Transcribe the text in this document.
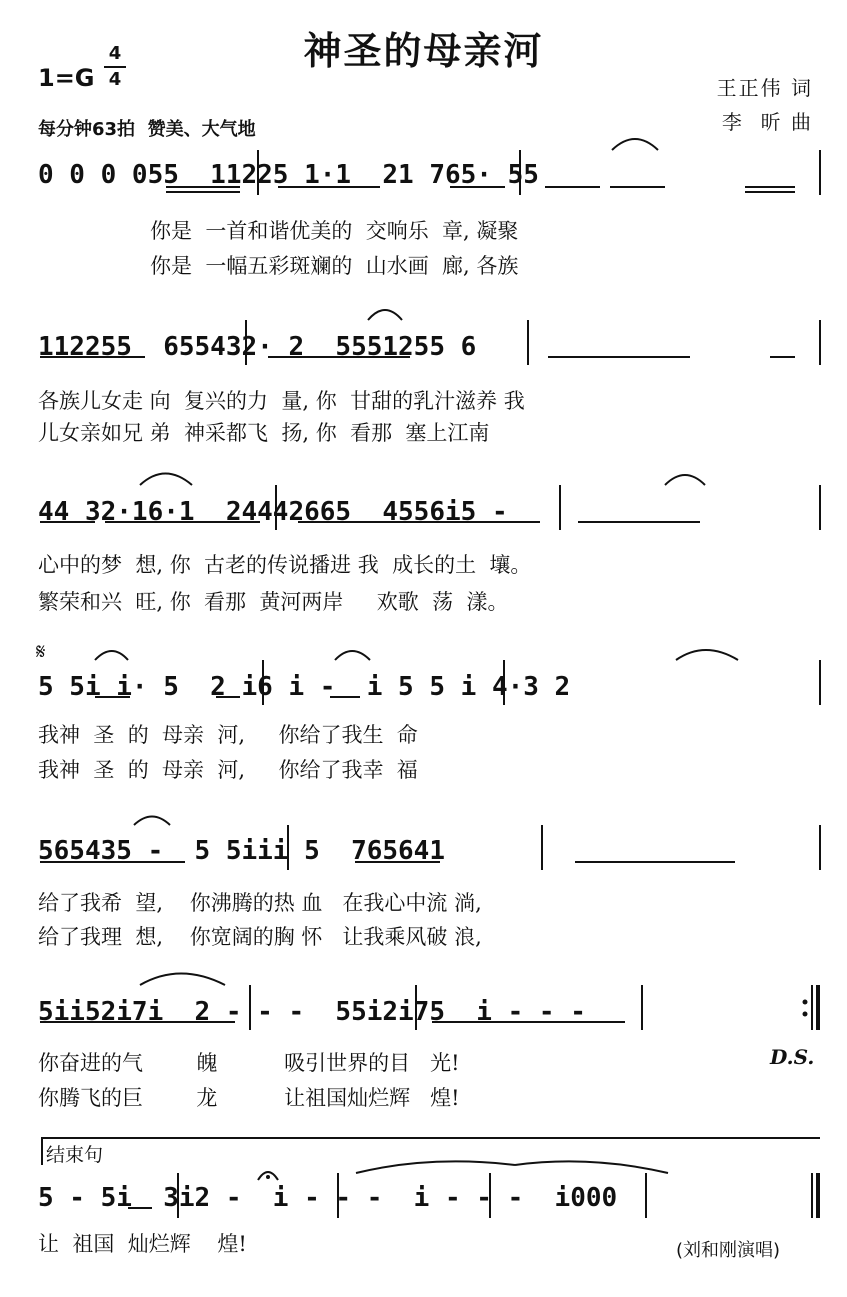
神圣的母亲河
1=G
4
4
每分钟63拍  赞美、大气地
王正伟 词
李  昕 曲
0 0 0 055  11225 1·1  21 765· 55
你是  一首和谐优美的  交响乐  章, 凝聚
你是  一幅五彩斑斓的  山水画  廊, 各族
112255  655432· 2  5551255 6
各族儿女走 向  复兴的力  量, 你  甘甜的乳汁滋养 我
儿女亲如兄 弟  神采都飞  扬, 你  看那  塞上江南
44 32·16·1  24442665  4556i5 -
心中的梦  想, 你  古老的传说播进 我  成长的土  壤。
繁荣和兴  旺, 你  看那  黄河两岸     欢歌  荡  漾。
𝄋
5 5i i· 5  2 i6 i -  i 5 5 i 4·3 2
我神  圣  的  母亲  河,     你给了我生  命
我神  圣  的  母亲  河,     你给了我幸  福
565435 -  5 5iii 5  765641
给了我希  望,    你沸腾的热 血   在我心中流 淌,
给了我理  想,    你宽阔的胸 怀   让我乘风破 浪,
5ii52i7i  2 - - -  55i2i75  i - - -
你奋进的气        魄          吸引世界的目   光!
你腾飞的巨        龙          让祖国灿烂辉   煌!
D.S.
结束句
5 - 5i  3i2 -  i - - -  i - - -  i000
让  祖国  灿烂辉    煌!	(刘和刚演唱)
